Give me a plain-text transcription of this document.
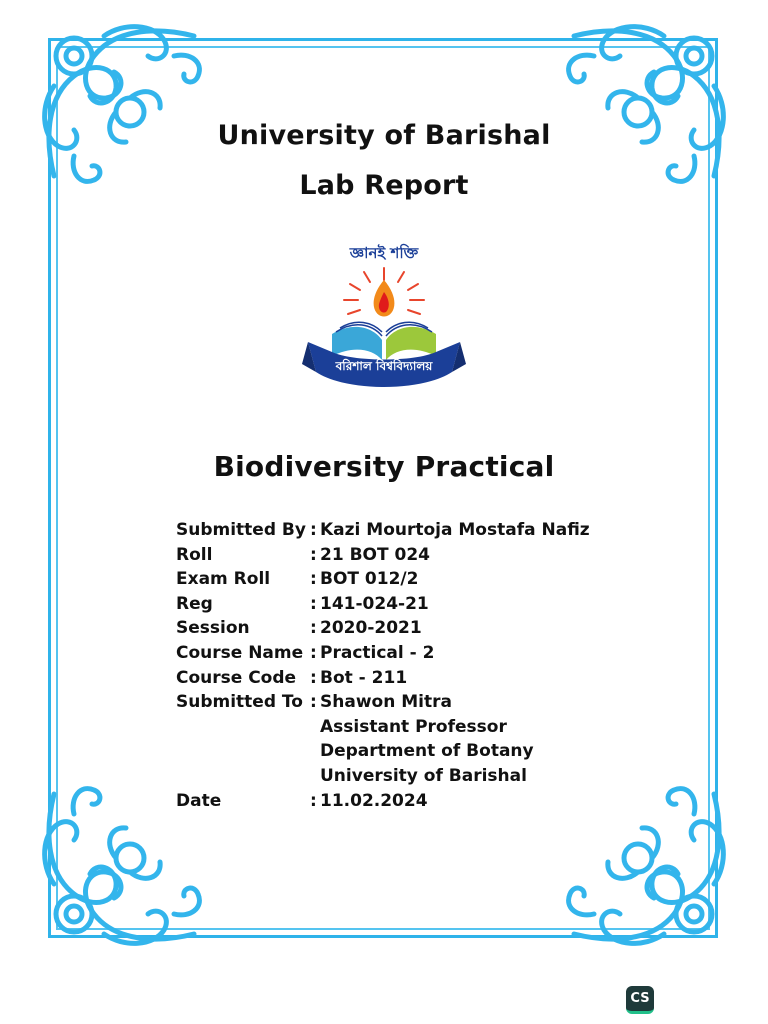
University of Barishal
Lab Report
জ্ঞানই শক্তি
বরিশাল বিশ্ববিদ্যালয়
Biodiversity Practical
Submitted By : Kazi Mourtoja Mostafa Nafiz
Roll	: 21 BOT 024
Exam Roll	: BOT 012/2
Reg	: 141-024-21
Session	: 2020-2021
Course Name : Practical - 2
Course Code : Bot - 211
Submitted To : Shawon Mitra
Assistant Professor
Department of Botany
University of Barishal
Date	: 11.02.2024
CS
